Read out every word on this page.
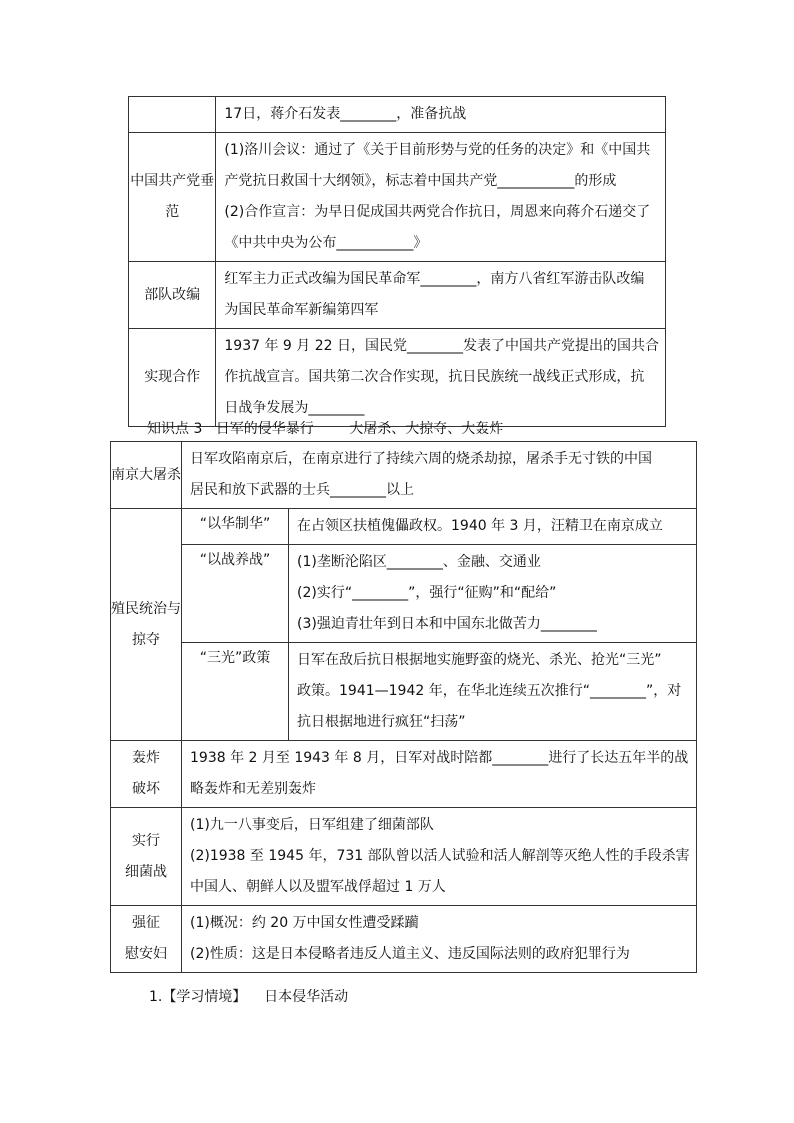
	17日，蒋介石发表________，准备抗战

中国共产党垂范	(1)洛川会议：通过了《关于目前形势与党的任务的决定》和《中国共
产党抗日救国十大纲领》，标志着中国共产党___________的形成
(2)合作宣言：为早日促成国共两党合作抗日，周恩来向蒋介石递交了
《中共中央为公布___________》

部队改编	红军主力正式改编为国民革命军________，南方八省红军游击队改编
为国民革命军新编第四军

实现合作	1937 年 9 月 22 日，国民党________发表了中国共产党提出的国共合
作抗战宣言。国共第二次合作实现，抗日民族统一战线正式形成，抗
日战争发展为________
知识点 3   日军的侵华暴行        大屠杀、大掠夺、大轰炸
南京大屠杀	日军攻陷南京后，在南京进行了持续六周的烧杀劫掠，屠杀手无寸铁的中国
居民和放下武器的士兵________以上	

殖民统治与
掠夺	“以华制华”	在占领区扶植傀儡政权。1940 年 3 月，汪精卫在南京成立

	“以战养战”	(1)垄断沦陷区________、金融、交通业
(2)实行“________”，强行“征购”和“配给”
(3)强迫青壮年到日本和中国东北做苦力________

	“三光”政策	日军在敌后抗日根据地实施野蛮的烧光、杀光、抢光“三光”
政策。1941—1942 年，在华北连续五次推行“________”，对
抗日根据地进行疯狂“扫荡”

轰炸
破坏	1938 年 2 月至 1943 年 8 月，日军对战时陪都________进行了长达五年半的战
略轰炸和无差别轰炸	

实行
细菌战	(1)九一八事变后，日军组建了细菌部队
(2)1938 至 1945 年，731 部队曾以活人试验和活人解剖等灭绝人性的手段杀害
中国人、朝鲜人以及盟军战俘超过 1 万人	

强征
慰安妇	(1)概况：约 20 万中国女性遭受蹂躏
(2)性质：这是日本侵略者违反人道主义、违反国际法则的政府犯罪行为	
1.【学习情境】    日本侵华活动
